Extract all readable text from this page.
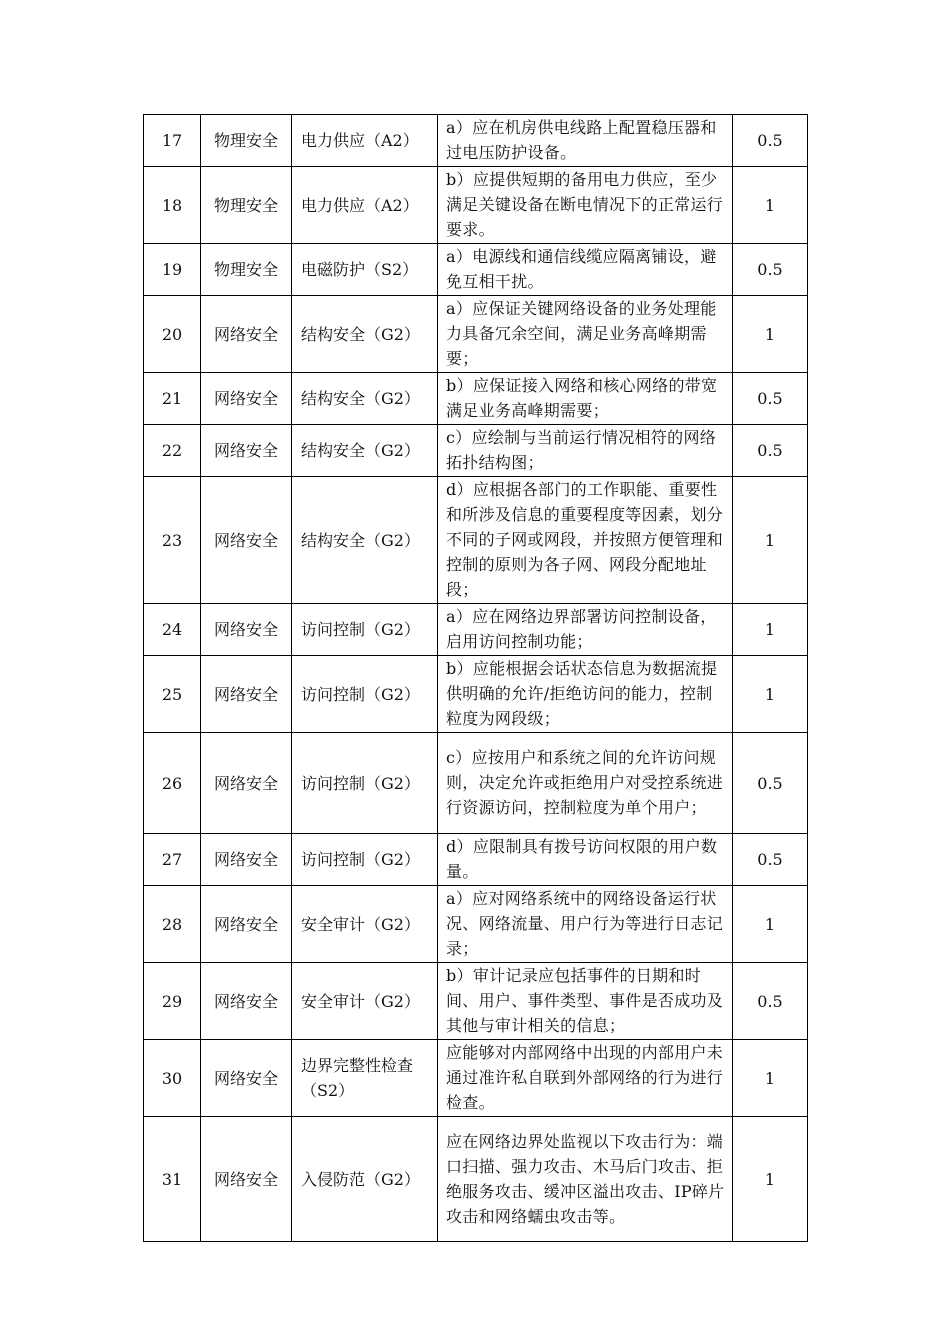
17	物理安全	电力供应（A2）	a）应在机房供电线路上配置稳压器和过电压防护设备。	0.5
18	物理安全	电力供应（A2）	b）应提供短期的备用电力供应，至少满足关键设备在断电情况下的正常运行要求。	1
19	物理安全	电磁防护（S2）	a）电源线和通信线缆应隔离铺设，避免互相干扰。	0.5
20	网络安全	结构安全（G2）	a）应保证关键网络设备的业务处理能力具备冗余空间，满足业务高峰期需要；	1
21	网络安全	结构安全（G2）	b）应保证接入网络和核心网络的带宽满足业务高峰期需要；	0.5
22	网络安全	结构安全（G2）	c）应绘制与当前运行情况相符的网络拓扑结构图；	0.5
23	网络安全	结构安全（G2）	d）应根据各部门的工作职能、重要性和所涉及信息的重要程度等因素，划分不同的子网或网段，并按照方便管理和控制的原则为各子网、网段分配地址段；	1
24	网络安全	访问控制（G2）	a）应在网络边界部署访问控制设备，启用访问控制功能；	1
25	网络安全	访问控制（G2）	b）应能根据会话状态信息为数据流提供明确的允许/拒绝访问的能力，控制粒度为网段级；	1
26	网络安全	访问控制（G2）	c）应按用户和系统之间的允许访问规则，决定允许或拒绝用户对受控系统进行资源访问，控制粒度为单个用户；	0.5
27	网络安全	访问控制（G2）	d）应限制具有拨号访问权限的用户数量。	0.5
28	网络安全	安全审计（G2）	a）应对网络系统中的网络设备运行状况、网络流量、用户行为等进行日志记录；	1
29	网络安全	安全审计（G2）	b）审计记录应包括事件的日期和时间、用户、事件类型、事件是否成功及其他与审计相关的信息；	0.5
30	网络安全	边界完整性检查（S2）	应能够对内部网络中出现的内部用户未通过准许私自联到外部网络的行为进行检查。	1
31	网络安全	入侵防范（G2）	应在网络边界处监视以下攻击行为：端口扫描、强力攻击、木马后门攻击、拒绝服务攻击、缓冲区溢出攻击、IP碎片攻击和网络蠕虫攻击等。	1
